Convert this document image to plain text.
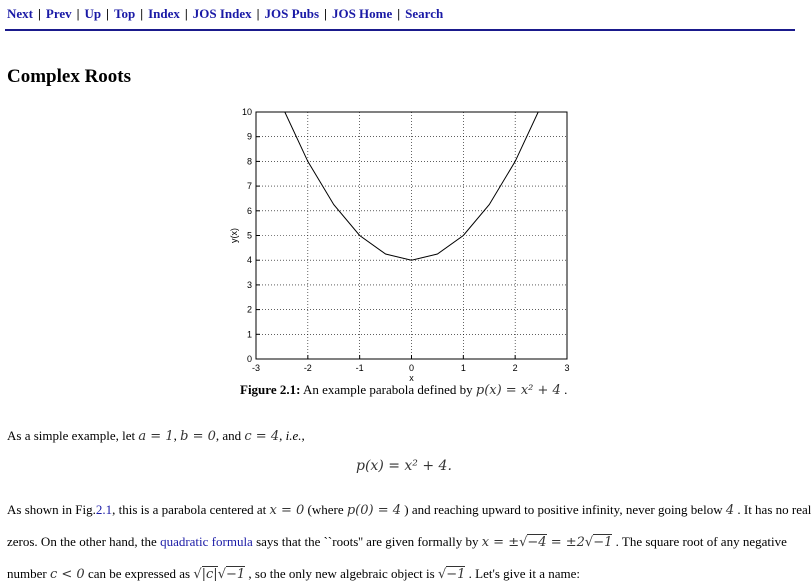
Next | Prev | Up | Top | Index | JOS Index | JOS Pubs | JOS Home | Search
Complex Roots
-3	-2	-1	0	1	2	3
0
1
2
3
4
5
6
7
8
9
10
x
y(x)
Figure 2.1: An example parabola defined by p(x) = x² + 4 .
As a simple example, let a = 1, b = 0, and c = 4, i.e.,
p(x) = x² + 4.
As shown in Fig.2.1, this is a parabola centered at x = 0 (where p(0) = 4 ) and reaching upward to positive infinity, never going below 4 . It has no real
zeros. On the other hand, the quadratic formula says that the ``roots'' are given formally by x = ±√−4 = ±2√−1 . The square root of any negative
number c < 0 can be expressed as √|c|√−1 , so the only new algebraic object is √−1 . Let's give it a name:
